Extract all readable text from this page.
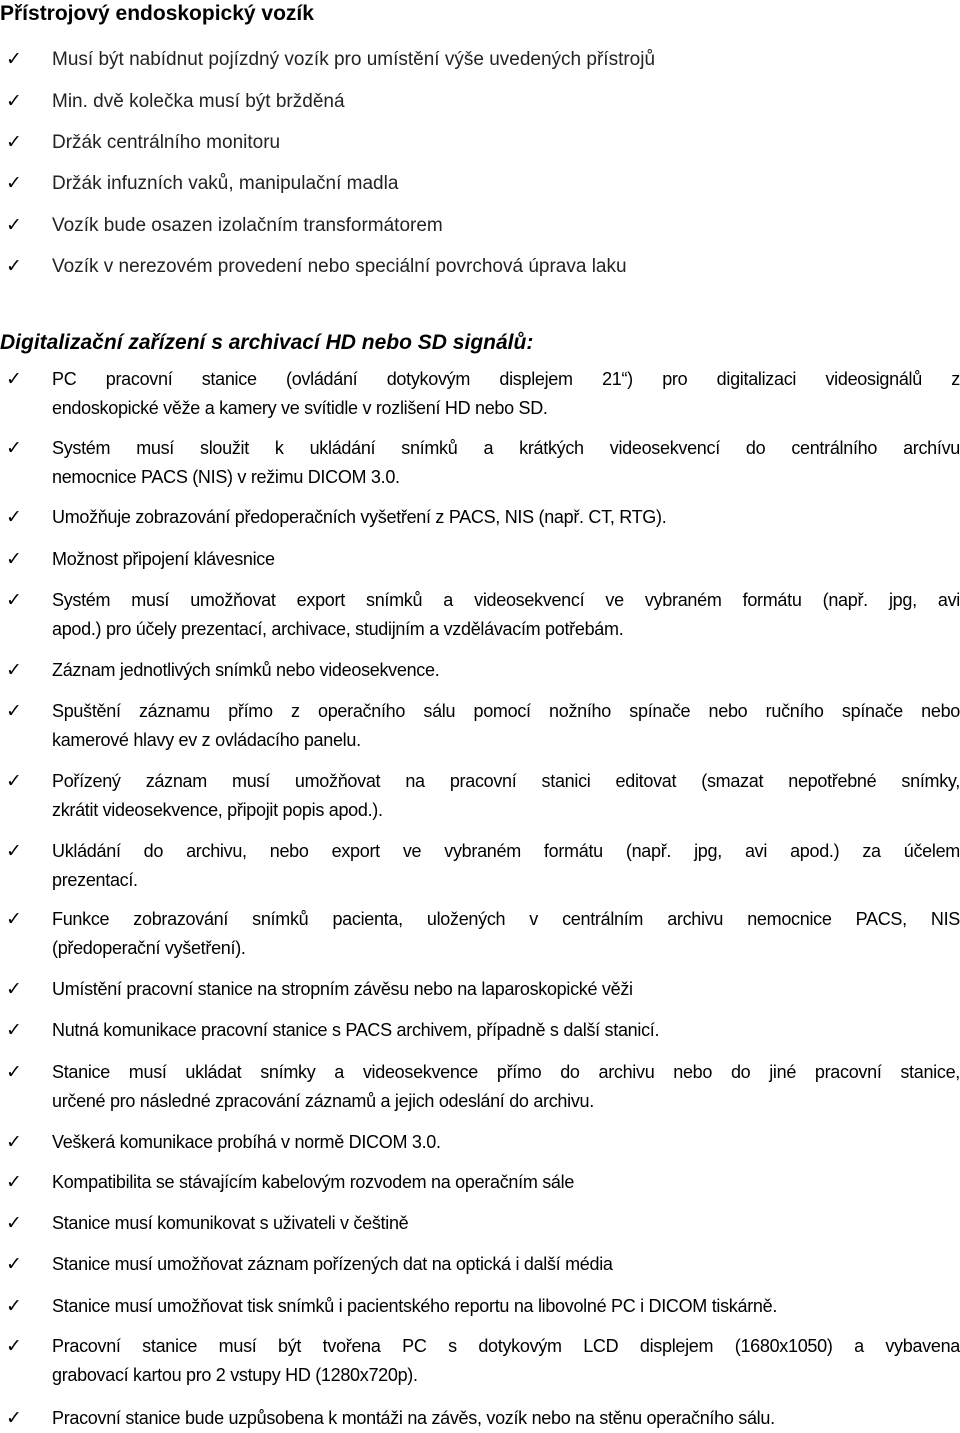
Přístrojový endoskopický vozík
✓ Musí být nabídnut pojízdný vozík pro umístění výše uvedených přístrojů
✓ Min. dvě kolečka musí být bržděná
✓ Držák centrálního monitoru
✓ Držák infuzních vaků, manipulační madla
✓ Vozík bude osazen izolačním transformátorem
✓ Vozík v nerezovém provedení nebo speciální povrchová úprava laku
Digitalizační zařízení s archivací HD nebo SD signálů:
✓ PC pracovní stanice (ovládání dotykovým displejem 21“) pro digitalizaci videosignálů z
endoskopické věže a kamery ve svítidle v rozlišení HD nebo SD.
✓ Systém musí sloužit k ukládání snímků a krátkých videosekvencí do centrálního archívu
nemocnice PACS (NIS) v režimu DICOM 3.0.
✓ Umožňuje zobrazování předoperačních vyšetření z PACS, NIS (např. CT, RTG).
✓ Možnost připojení klávesnice
✓ Systém musí umožňovat export snímků a videosekvencí ve vybraném formátu (např. jpg, avi
apod.) pro účely prezentací, archivace, studijním a vzdělávacím potřebám.
✓ Záznam jednotlivých snímků nebo videosekvence.
✓ Spuštění záznamu přímo z operačního sálu pomocí nožního spínače nebo ručního spínače nebo
kamerové hlavy ev z ovládacího panelu.
✓ Pořízený záznam musí umožňovat na pracovní stanici editovat (smazat nepotřebné snímky,
zkrátit videosekvence, připojit popis apod.).
✓ Ukládání do archivu, nebo export ve vybraném formátu (např. jpg, avi apod.) za účelem
prezentací.
✓ Funkce zobrazování snímků pacienta, uložených v centrálním archivu nemocnice PACS, NIS
(předoperační vyšetření).
✓ Umístění pracovní stanice na stropním závěsu nebo na laparoskopické věži
✓ Nutná komunikace pracovní stanice s PACS archivem, případně s další stanicí.
✓ Stanice musí ukládat snímky a videosekvence přímo do archivu nebo do jiné pracovní stanice,
určené pro následné zpracování záznamů a jejich odeslání do archivu.
✓ Veškerá komunikace probíhá v normě DICOM 3.0.
✓ Kompatibilita se stávajícím kabelovým rozvodem na operačním sále
✓ Stanice musí komunikovat s uživateli v češtině
✓ Stanice musí umožňovat záznam pořízených dat na optická i další média
✓ Stanice musí umožňovat tisk snímků i pacientského reportu na libovolné PC i DICOM tiskárně.
✓ Pracovní stanice musí být tvořena PC s dotykovým LCD displejem (1680x1050) a vybavena
grabovací kartou pro 2 vstupy HD (1280x720p).
✓ Pracovní stanice bude uzpůsobena k montáži na závěs, vozík nebo na stěnu operačního sálu.
